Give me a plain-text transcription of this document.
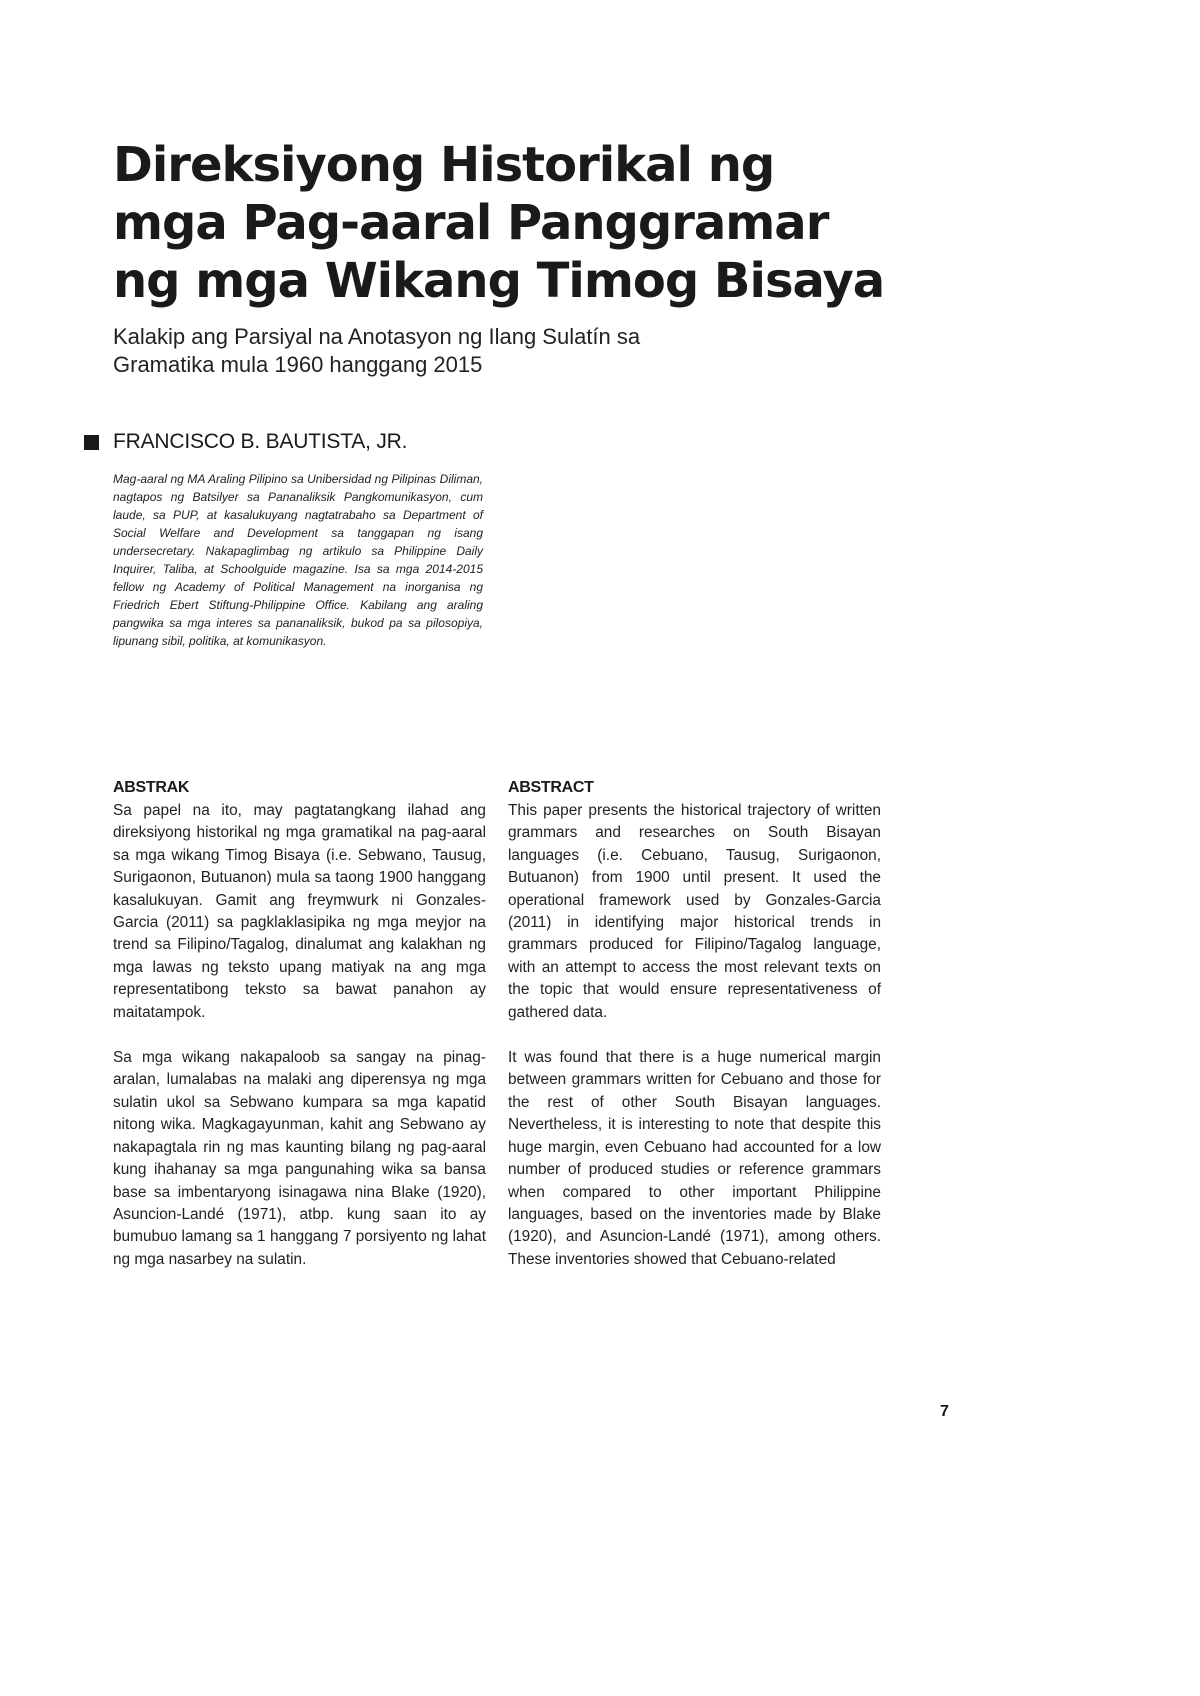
Direksiyong Historikal ng
mga Pag-aaral Panggramar
ng mga Wikang Timog Bisaya
Kalakip ang Parsiyal na Anotasyon ng Ilang Sulatín sa
Gramatika mula 1960 hanggang 2015
FRANCISCO B. BAUTISTA, JR.

Mag-aaral ng MA Araling Pilipino sa Unibersidad ng Pilipinas Diliman, nagtapos ng Batsilyer sa Pananaliksik Pangkomunikasyon, cum laude, sa PUP, at kasalukuyang nagtatrabaho sa Department of Social Welfare and Development sa tanggapan ng isang undersecretary. Nakapaglimbag ng artikulo sa Philippine Daily Inquirer, Taliba, at Schoolguide magazine. Isa sa mga 2014-2015 fellow ng Academy of Political Management na inorganisa ng Friedrich Ebert Stiftung-Philippine Office. Kabilang ang araling pangwika sa mga interes sa pananaliksik, bukod pa sa pilosopiya, lipunang sibil, politika, at komunikasyon.

ABSTRAK

Sa papel na ito, may pagtatangkang ilahad ang direksiyong historikal ng mga gramatikal na pag-aaral sa mga wikang Timog Bisaya (i.e. Sebwano, Tausug, Surigaonon, Butuanon) mula sa taong 1900 hanggang kasalukuyan. Gamit ang freymwurk ni Gonzales-Garcia (2011) sa pagklaklasipika ng mga meyjor na trend sa Filipino/Tagalog, dinalumat ang kalakhan ng mga lawas ng teksto upang matiyak na ang mga representatibong teksto sa bawat panahon ay maitatampok.

Sa mga wikang nakapaloob sa sangay na pinag-aralan, lumalabas na malaki ang diperensya ng mga sulatin ukol sa Sebwano kumpara sa mga kapatid nitong wika. Magkagayunman, kahit ang Sebwano ay nakapagtala rin ng mas kaunting bilang ng pag-aaral kung ihahanay sa mga pangunahing wika sa bansa base sa imbentaryong isinagawa nina Blake (1920), Asuncion-Landé (1971), atbp. kung saan ito ay bumubuo lamang sa 1 hanggang 7 porsiyento ng lahat ng mga nasarbey na sulatin.

ABSTRACT

This paper presents the historical trajectory of written grammars and researches on South Bisayan languages (i.e. Cebuano, Tausug, Surigaonon, Butuanon) from 1900 until present. It used the operational framework used by Gonzales-Garcia (2011) in identifying major historical trends in grammars produced for Filipino/Tagalog language, with an attempt to access the most relevant texts on the topic that would ensure representativeness of gathered data.

It was found that there is a huge numerical margin between grammars written for Cebuano and those for the rest of other South Bisayan languages. Nevertheless, it is interesting to note that despite this huge margin, even Cebuano had accounted for a low number of produced studies or reference grammars when compared to other important Philippine languages, based on the inventories made by Blake (1920), and Asuncion-Landé (1971), among others. These inventories showed that Cebuano-related

7
